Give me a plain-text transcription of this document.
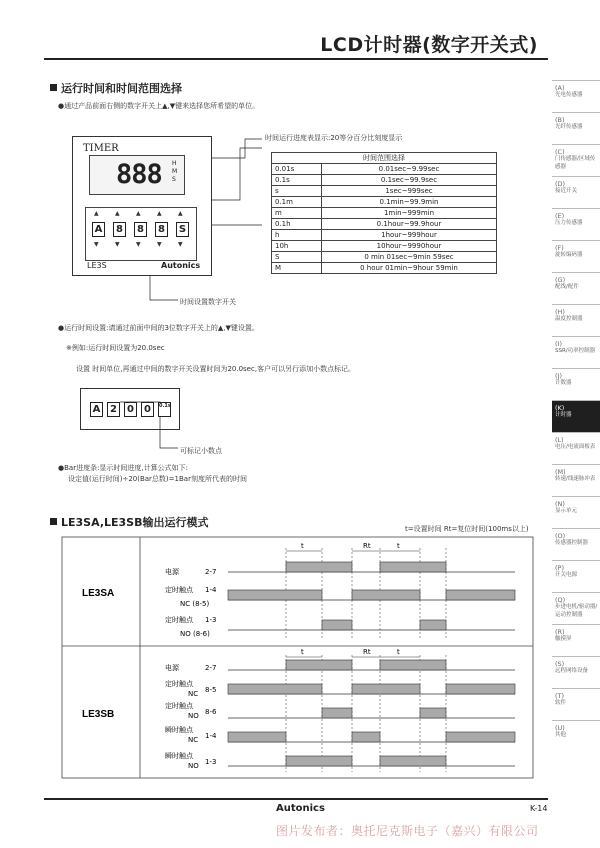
LCD计时器(数字开关式)
(A)
光电传感器
(B)
光纤传感器
(C)
门传感器/区域传感器
(D)
接近开关
(E)
压力传感器
(F)
旋转编码器
(G)
配线/配件
(H)
温度控制器
(I)
SSR/功率控制器
(J)
计数器
(K)
计时器
(L)
电压/电流面板表
(M)
转速/线速脉冲表
(N)
显示单元
(O)
传感器控制器
(P)
开关电源
(Q)
步进电机/驱动器/运动控制器
(R)
触摸屏
(S)
远程网络设备
(T)
软件
(U)
其他
运行时间和时间范围选择
●通过产品前面右侧的数字开关上▲,▼键来选择您所希望的单位。
TIMER
888 H
M
S
LE3S	Autonics
▲
▼
A
▲
▼
8
▲
▼
8
▲
▼
8
▲
▼
S
时间运行进度表显示:20等分百分比刻度显示
时间设置数字开关
时间范围选择	
0.01s	0.01sec~9.99sec
0.1s	0.1sec~99.9sec
s	1sec~999sec
0.1m	0.1min~99.9min
m	1min~999min
0.1h	0.1hour~99.9hour
h	1hour~999hour
10h	10hour~9990hour
S	0 min 01sec~9min 59sec
M	0 hour 01min~9hour 59min
●运行时间设置:请通过前面中间的3位数字开关上的▲,▼键设置。
※例如:运行时间设置为20.0sec
设置 时间单位,再通过中间的数字开关设置时间为20.0sec,客户可以另行添加小数点标记。
A 2	0	0	0.1s
可标记小数点
●Bar进度条:显示时间进度,计算公式如下:
设定值(运行时间)÷20(Bar总数)=1Bar刻度所代表的时间
LE3SA,LE3SB输出运行模式	t=设置时间 Rt=复位时间(100ms以上)
LE3SA
LE3SB
t	Rt	t
t	Rt	t
电源	2-7
定时触点 1-4
NC (8-5)
定时触点 1-3
NO (8-6)
电源	2-7
定时触点
NC 8-5
定时触点
NO 8-6
瞬时触点
NC 1-4
瞬时触点
NO 1-3
Autonics	K-14
图片发布者：奥托尼克斯电子（嘉兴）有限公司
